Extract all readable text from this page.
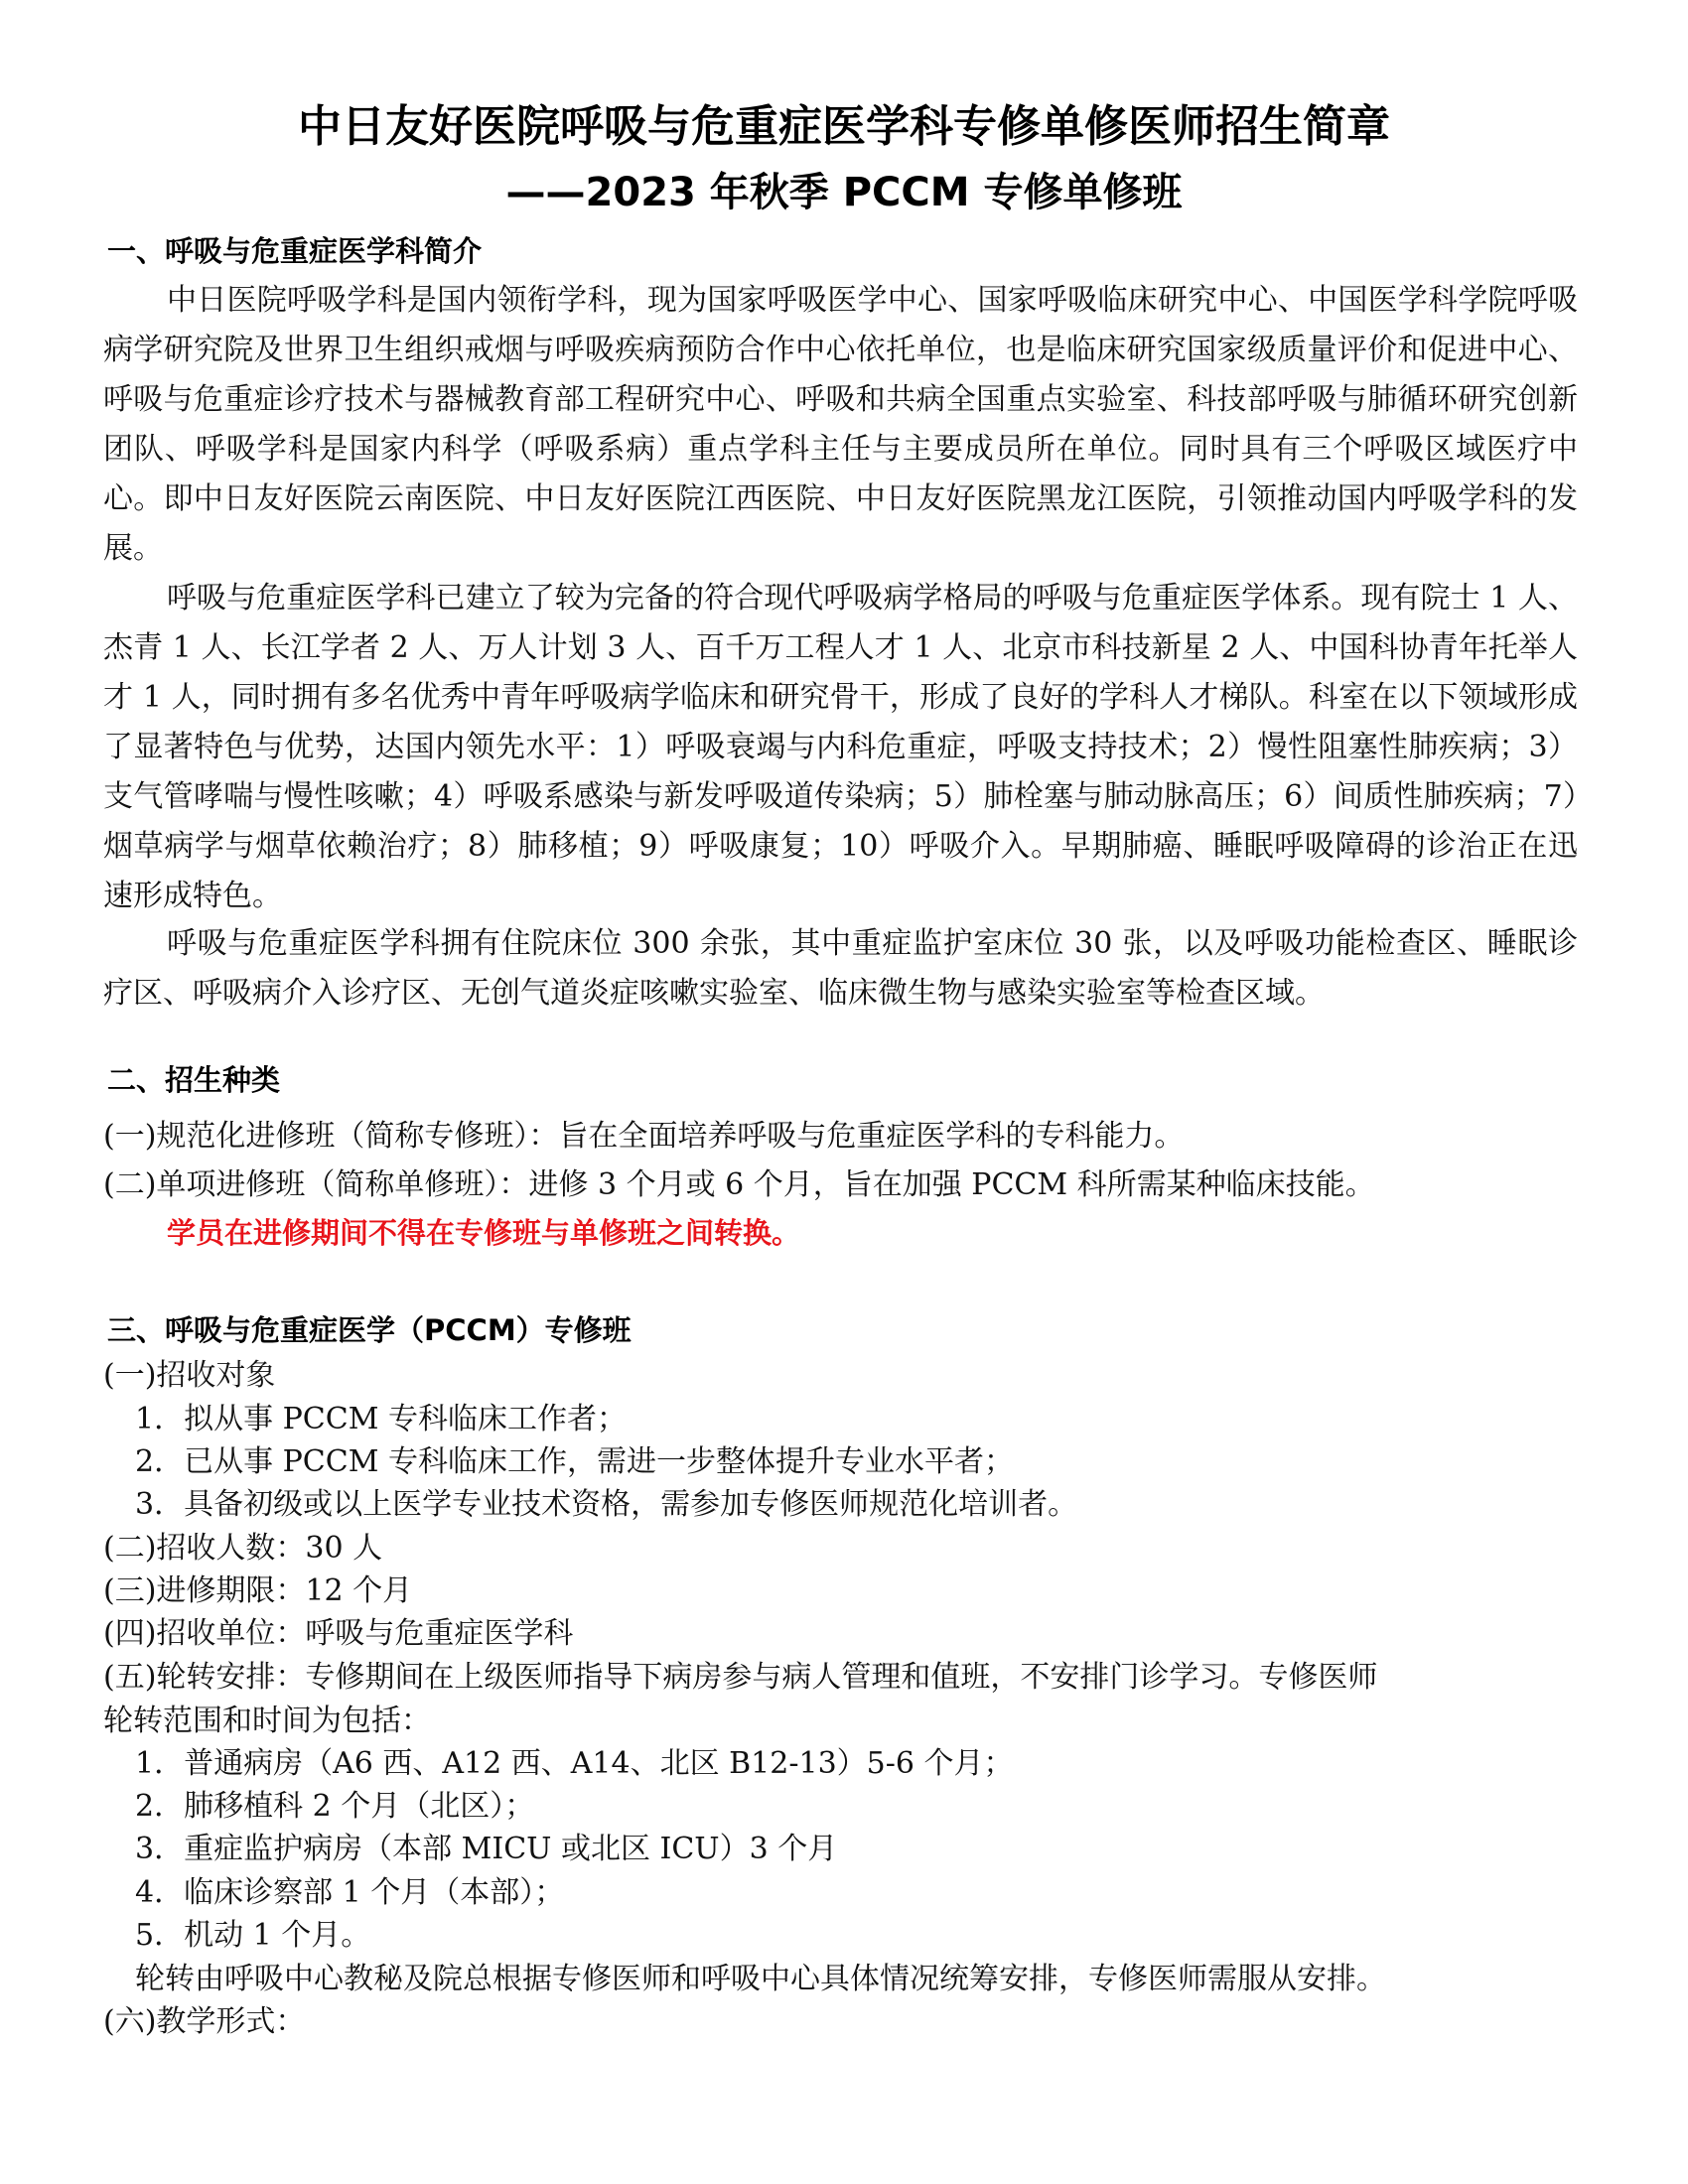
中日友好医院呼吸与危重症医学科专修单修医师招生简章
——2023 年秋季 PCCM 专修单修班
一、呼吸与危重症医学科简介
中日医院呼吸学科是国内领衔学科，现为国家呼吸医学中心、国家呼吸临床研究中心、中国医学科学院呼吸病学研究院及世界卫生组织戒烟与呼吸疾病预防合作中心依托单位，也是临床研究国家级质量评价和促进中心、呼吸与危重症诊疗技术与器械教育部工程研究中心、呼吸和共病全国重点实验室、科技部呼吸与肺循环研究创新团队、呼吸学科是国家内科学（呼吸系病）重点学科主任与主要成员所在单位。同时具有三个呼吸区域医疗中心。即中日友好医院云南医院、中日友好医院江西医院、中日友好医院黑龙江医院，引领推动国内呼吸学科的发展。
呼吸与危重症医学科已建立了较为完备的符合现代呼吸病学格局的呼吸与危重症医学体系。现有院士 1 人、杰青 1 人、长江学者 2 人、万人计划 3 人、百千万工程人才 1 人、北京市科技新星 2 人、中国科协青年托举人才 1 人，同时拥有多名优秀中青年呼吸病学临床和研究骨干，形成了良好的学科人才梯队。科室在以下领域形成了显著特色与优势，达国内领先水平：1）呼吸衰竭与内科危重症，呼吸支持技术；2）慢性阻塞性肺疾病；3）支气管哮喘与慢性咳嗽；4）呼吸系感染与新发呼吸道传染病；5）肺栓塞与肺动脉高压；6）间质性肺疾病；7）烟草病学与烟草依赖治疗；8）肺移植；9）呼吸康复；10）呼吸介入。早期肺癌、睡眠呼吸障碍的诊治正在迅速形成特色。
呼吸与危重症医学科拥有住院床位 300 余张，其中重症监护室床位 30 张，以及呼吸功能检查区、睡眠诊疗区、呼吸病介入诊疗区、无创气道炎症咳嗽实验室、临床微生物与感染实验室等检查区域。
二、招生种类
(一)规范化进修班（简称专修班）：旨在全面培养呼吸与危重症医学科的专科能力。
(二)单项进修班（简称单修班）：进修 3 个月或 6 个月，旨在加强 PCCM 科所需某种临床技能。
学员在进修期间不得在专修班与单修班之间转换。
三、呼吸与危重症医学（PCCM）专修班
(一)招收对象
1．拟从事 PCCM 专科临床工作者；
2．已从事 PCCM 专科临床工作，需进一步整体提升专业水平者；
3．具备初级或以上医学专业技术资格，需参加专修医师规范化培训者。
(二)招收人数：30 人
(三)进修期限：12 个月
(四)招收单位：呼吸与危重症医学科
(五)轮转安排：专修期间在上级医师指导下病房参与病人管理和值班，不安排门诊学习。专修医师
轮转范围和时间为包括：
1．普通病房（A6 西、A12 西、A14、北区 B12-13）5-6 个月；
2．肺移植科 2 个月（北区）；
3．重症监护病房（本部 MICU 或北区 ICU）3 个月
4．临床诊察部 1 个月（本部）；
5．机动 1 个月。
轮转由呼吸中心教秘及院总根据专修医师和呼吸中心具体情况统筹安排，专修医师需服从安排。
(六)教学形式：
